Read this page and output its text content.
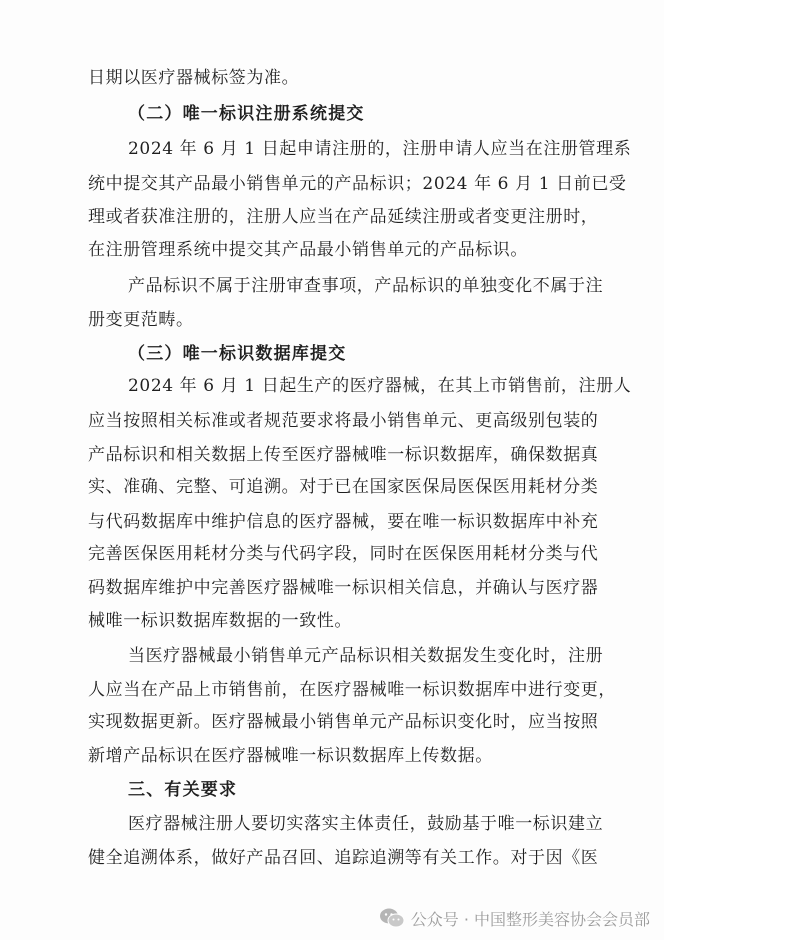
日期以医疗器械标签为准。
（二）唯一标识注册系统提交
2024 年 6 月 1 日起申请注册的，注册申请人应当在注册管理系
统中提交其产品最小销售单元的产品标识；2024 年 6 月 1 日前已受
理或者获准注册的，注册人应当在产品延续注册或者变更注册时，
在注册管理系统中提交其产品最小销售单元的产品标识。
产品标识不属于注册审查事项，产品标识的单独变化不属于注
册变更范畴。
（三）唯一标识数据库提交
2024 年 6 月 1 日起生产的医疗器械，在其上市销售前，注册人
应当按照相关标准或者规范要求将最小销售单元、更高级别包装的
产品标识和相关数据上传至医疗器械唯一标识数据库，确保数据真
实、准确、完整、可追溯。对于已在国家医保局医保医用耗材分类
与代码数据库中维护信息的医疗器械，要在唯一标识数据库中补充
完善医保医用耗材分类与代码字段，同时在医保医用耗材分类与代
码数据库维护中完善医疗器械唯一标识相关信息，并确认与医疗器
械唯一标识数据库数据的一致性。
当医疗器械最小销售单元产品标识相关数据发生变化时，注册
人应当在产品上市销售前，在医疗器械唯一标识数据库中进行变更，
实现数据更新。医疗器械最小销售单元产品标识变化时，应当按照
新增产品标识在医疗器械唯一标识数据库上传数据。
三、有关要求
医疗器械注册人要切实落实主体责任，鼓励基于唯一标识建立
健全追溯体系，做好产品召回、追踪追溯等有关工作。对于因《医
公众号 · 中国整形美容协会会员部
